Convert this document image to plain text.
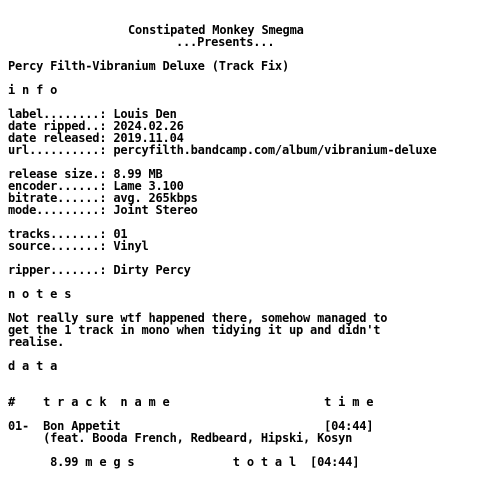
Constipated Monkey Smegma

...Presents...

Percy Filth-Vibranium Deluxe (Track Fix)

i n f o

label........: Louis Den

date ripped..: 2024.02.26

date released: 2019.11.04

url..........: percyfilth.bandcamp.com/album/vibranium-deluxe

release size.: 8.99 MB

encoder......: Lame 3.100

bitrate......: avg. 265kbps

mode.........: Joint Stereo

tracks.......: 01

source.......: Vinyl

ripper.......: Dirty Percy

n o t e s

Not really sure wtf happened there, somehow managed to

get the 1 track in mono when tidying it up and didn't

realise.

d a t a

#    t r a c k  n a m e                      t i m e

01-  Bon Appetit                             [04:44]

(feat. Booda French, Redbeard, Hipski, Kosyn

8.99 m e g s              t o t a l  [04:44]
